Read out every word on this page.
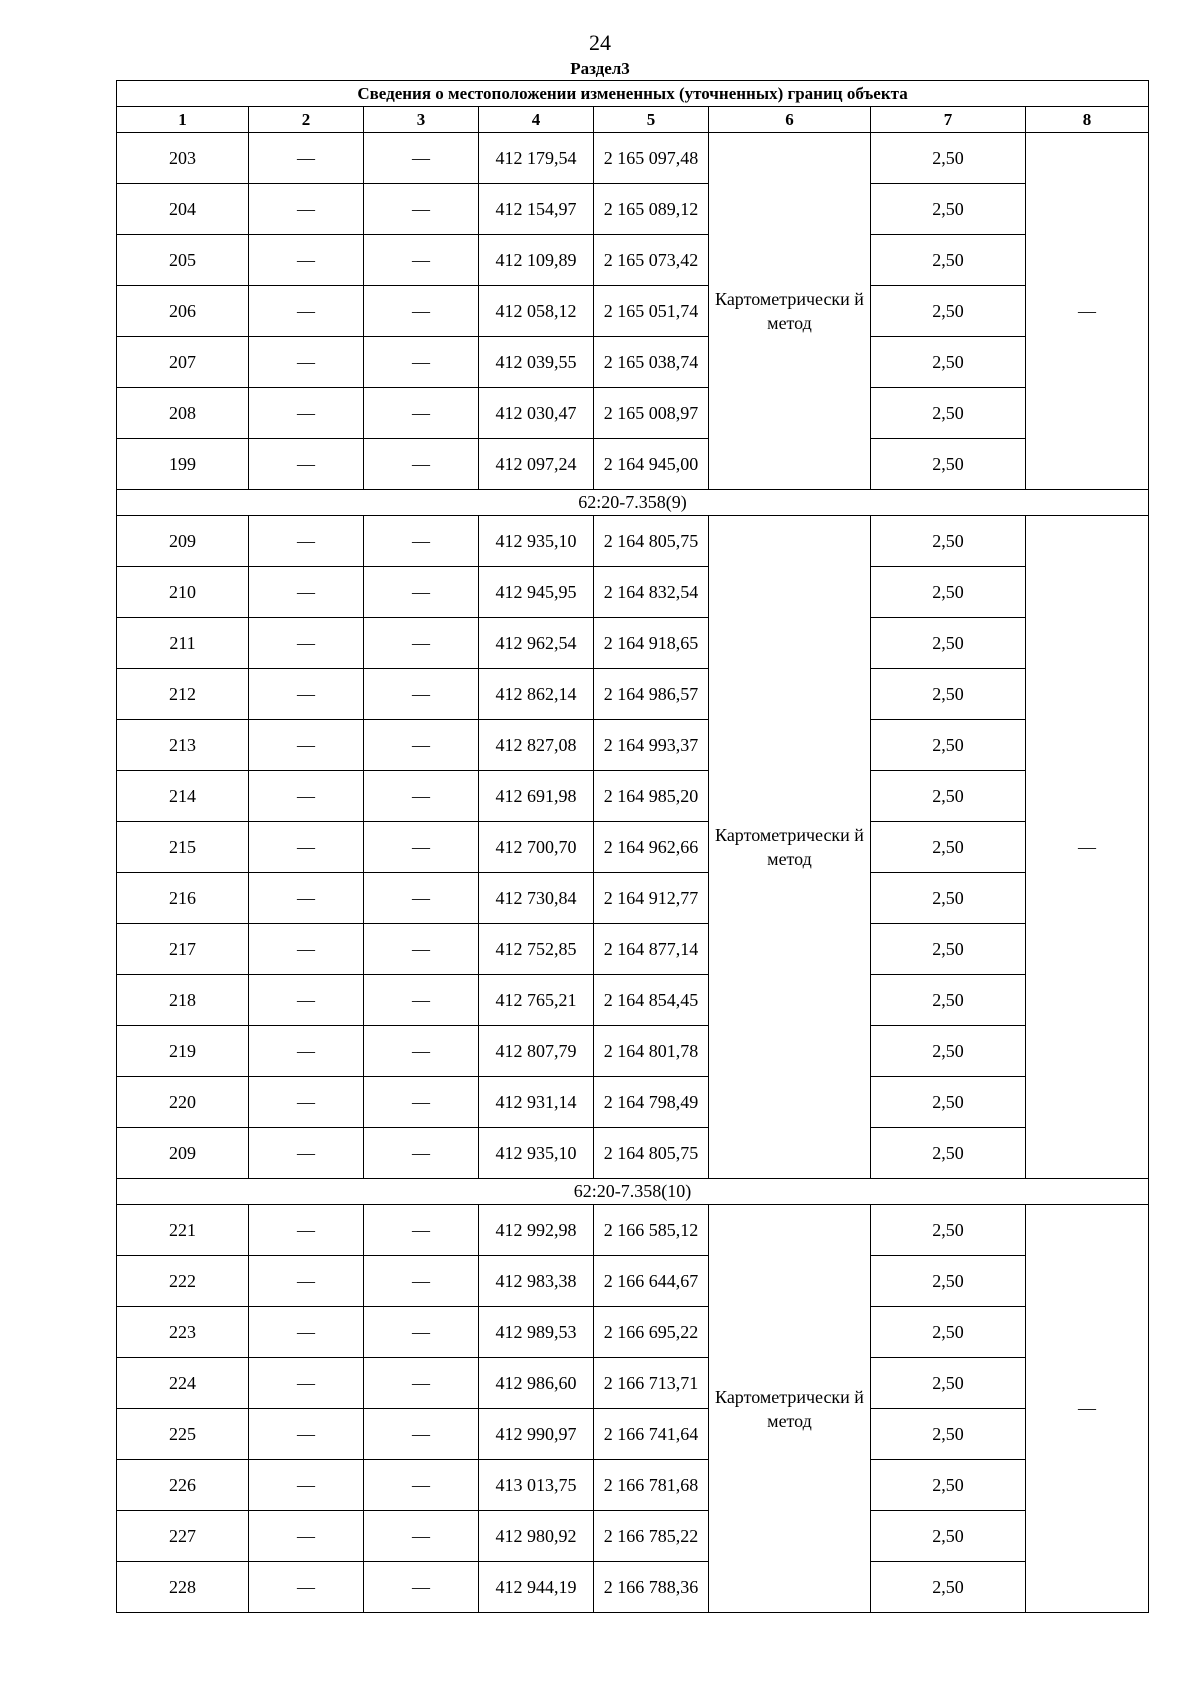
24
Раздел3
Сведения о местоположении измененных (уточненных) границ объекта							
1	2	3	4	5	6	7	8
203	—	—	412 179,54	2 165 097,48	Картометрически й метод	2,50	—
204	—	—	412 154,97	2 165 089,12		2,50	
205	—	—	412 109,89	2 165 073,42		2,50	
206	—	—	412 058,12	2 165 051,74		2,50	
207	—	—	412 039,55	2 165 038,74		2,50	
208	—	—	412 030,47	2 165 008,97		2,50	
199	—	—	412 097,24	2 164 945,00		2,50	
62:20-7.358(9)							
209	—	—	412 935,10	2 164 805,75	Картометрически й метод	2,50	—
210	—	—	412 945,95	2 164 832,54		2,50	
211	—	—	412 962,54	2 164 918,65		2,50	
212	—	—	412 862,14	2 164 986,57		2,50	
213	—	—	412 827,08	2 164 993,37		2,50	
214	—	—	412 691,98	2 164 985,20		2,50	
215	—	—	412 700,70	2 164 962,66		2,50	
216	—	—	412 730,84	2 164 912,77		2,50	
217	—	—	412 752,85	2 164 877,14		2,50	
218	—	—	412 765,21	2 164 854,45		2,50	
219	—	—	412 807,79	2 164 801,78		2,50	
220	—	—	412 931,14	2 164 798,49		2,50	
209	—	—	412 935,10	2 164 805,75		2,50	
62:20-7.358(10)							
221	—	—	412 992,98	2 166 585,12	Картометрически й метод	2,50	—
222	—	—	412 983,38	2 166 644,67		2,50	
223	—	—	412 989,53	2 166 695,22		2,50	
224	—	—	412 986,60	2 166 713,71		2,50	
225	—	—	412 990,97	2 166 741,64		2,50	
226	—	—	413 013,75	2 166 781,68		2,50	
227	—	—	412 980,92	2 166 785,22		2,50	
228	—	—	412 944,19	2 166 788,36		2,50	
